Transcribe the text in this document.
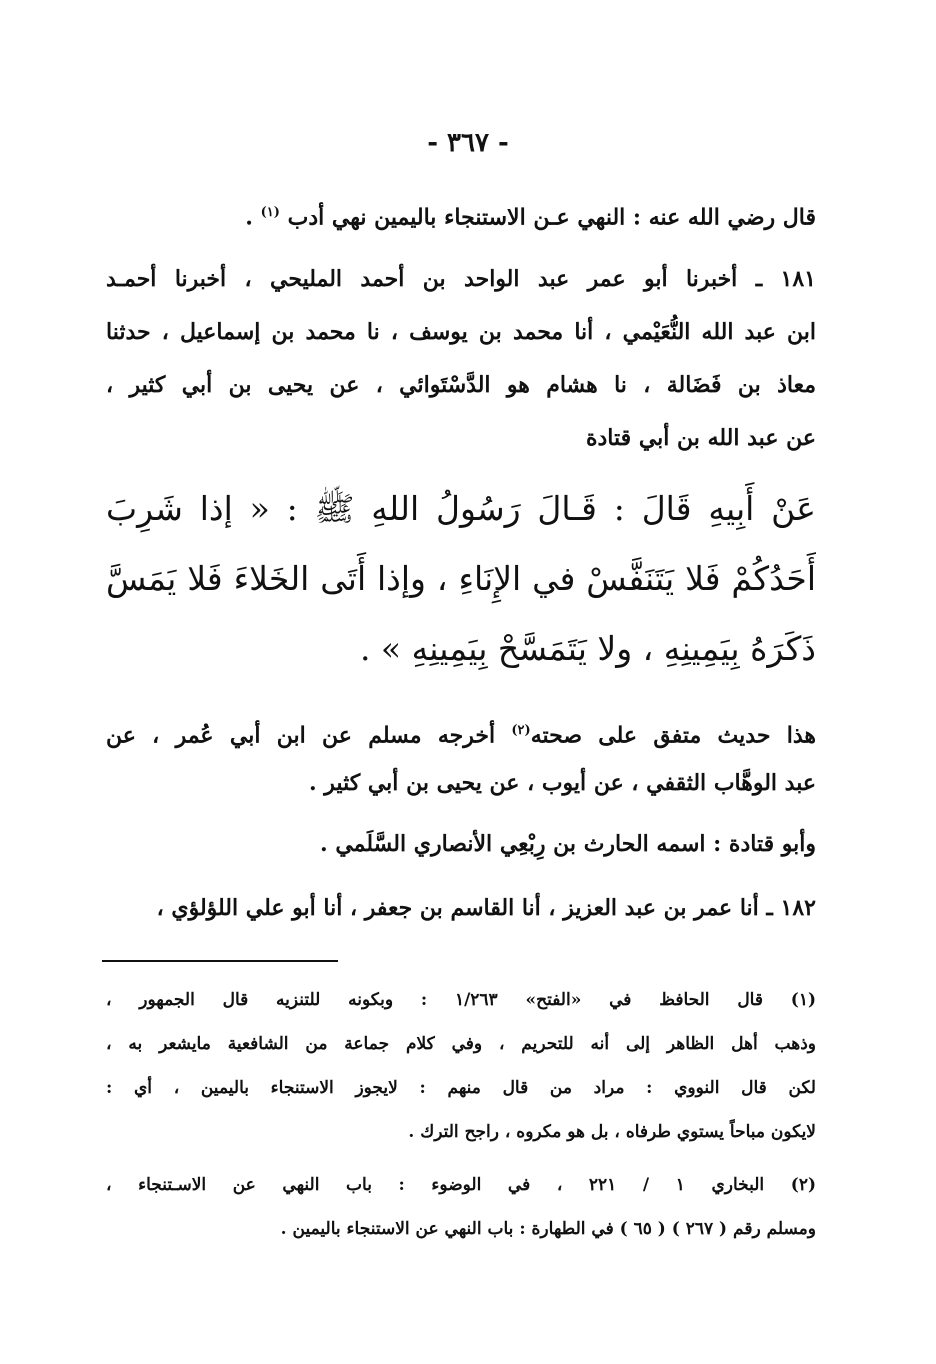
- ٣٦٧ -
قال رضي الله عنه : النهي عـن الاستنجاء باليمين نهي أدب $^{(١)}$ .
١٨١ ـ أخبرنا أبو عمر عبد الواحد بن أحمد المليحي ، أخبرنا أحمـد
ابن عبد الله النُّعَيْمي ، أنا محمد بن يوسف ، نا محمد بن إسماعيل ، حدثنا
معاذ بن فَضَالة ، نا هشام هو الدَّسْتَوائي ، عن يحيى بن أبي كثير ،
عن عبد الله بن أبي قتادة
عَنْ أَبِيهِ قَالَ : قَـالَ رَسُولُ اللهِ ﷺ : « إذا شَرِبَ
أَحَدُكُمْ فَلا يَتَنَفَّسْ في الإِنَاءِ ، وإذا أَتَى الخَلاءَ فَلا يَمَسَّ
ذَكَرَهُ بِيَمِينِهِ ، ولا يَتَمَسَّحْ بِيَمِينِهِ » .
هذا حديث متفق على صحته$^{(٢)}$ أخرجه مسلم عن ابن أبي عُمر ، عن
عبد الوهَّاب الثقفي ، عن أيوب ، عن يحيى بن أبي كثير .
وأبو قتادة : اسمه الحارث بن رِبْعِي الأنصاري السَّلَمي .
١٨٢ ـ أنا عمر بن عبد العزيز ، أنا القاسم بن جعفر ، أنا أبو علي اللؤلؤي ،
(١) قال الحافظ في «الفتح» ١/٢٦٣ : وبكونه للتنزيه قال الجمهور ،
وذهب أهل الظاهر إلى أنه للتحريم ، وفي كلام جماعة من الشافعية مايشعر به ،
لكن قال النووي : مراد من قال منهم : لايجوز الاستنجاء باليمين ، أي :
لايكون مباحاً يستوي طرفاه ، بل هو مكروه ، راجح الترك .
(٢) البخاري ١ / ٢٢١ ، في الوضوء : باب النهي عن الاسـتنجاء ،
ومسلم رقم ( ٢٦٧ ) ( ٦٥ ) في الطهارة : باب النهي عن الاستنجاء باليمين .
